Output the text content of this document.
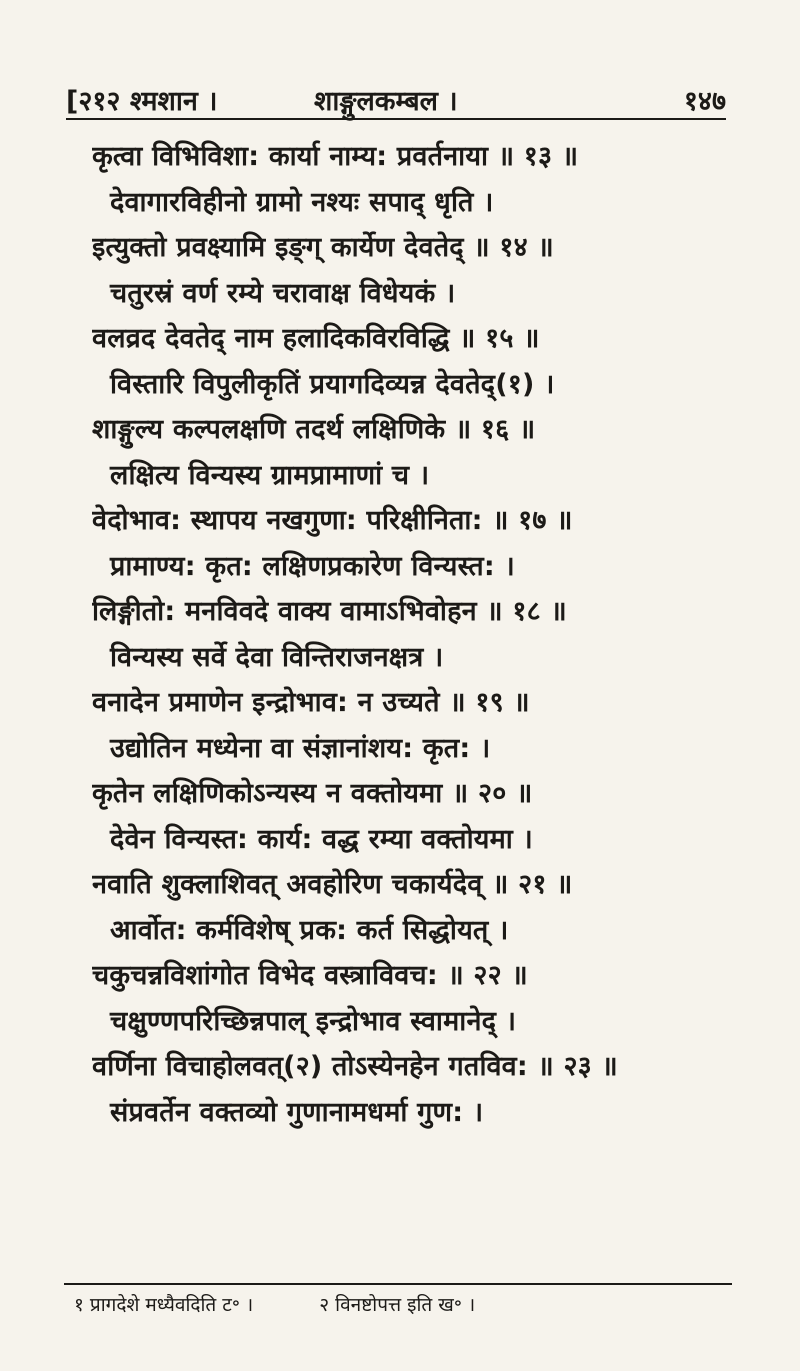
[२१२ श्मशान ।	शाङ्गुलकम्बल ।	१४७
कृत्वा विभिविशा: कार्या नाम्य: प्रवर्तनाया ॥ १३ ॥
देवागारविहीनो ग्रामो नश्यः सपाद् धृति ।
इत्युक्तो प्रवक्ष्यामि इङ्ग्‌ कार्येण देवतेद् ॥ १४ ॥
चतुरस्रं वर्ण रम्ये चरावाक्ष विधेयकं ।
वलव्रद देवतेद् नाम हलादिकविरविद्धि ॥ १५ ॥
विस्तारि विपुलीकृतिं प्रयागदिव्यन्न देवतेद्(१) ।
शाङ्गुल्य कल्पलक्षणि तदर्थ लक्षिणिके ॥ १६ ॥
लक्षित्य विन्यस्य ग्रामप्रामाणां च ।
वेदोभाव: स्थापय नखगुणा: परिक्षीनिता: ॥ १७ ॥
प्रामाण्य: कृत: लक्षिणप्रकारेण विन्यस्त: ।
लिङ्गीतो: मनविवदे वाक्य वामाऽभिवोहन ॥ १८ ॥
विन्यस्य सर्वे देवा विन्तिराजनक्षत्र ।
वनादेन प्रमाणेन इन्द्रोभाव: न उच्यते ॥ १९ ॥
उद्योतिन मध्येना वा संज्ञानांशय: कृत: ।
कृतेन लक्षिणिकोऽन्यस्य न वक्तोयमा ॥ २० ॥
देवेन विन्यस्त: कार्य: वद्ध रम्या वक्तोयमा ।
नवाति शुक्लाशिवत् अवहोरिण चकार्यदेव् ॥ २१ ॥
आर्वोत: कर्मविशेष् प्रक: कर्त सिद्धोयत् ।
चकुचन्नविशांगोत विभेद वस्त्राविवच: ॥ २२ ॥
चक्षुण्णपरिच्छिन्नपाल् इन्द्रोभाव स्वामानेद् ।
वर्णिना विचाहोलवत्(२) तोऽस्येनहेन गतविव: ॥ २३ ॥
संप्रवर्तेन वक्तव्यो गुणानामधर्मा गुण: ।
१ प्रागदेशे मध्यैवदिति ट॰ ।	२ विनष्टोपत्त इति ख॰ ।
